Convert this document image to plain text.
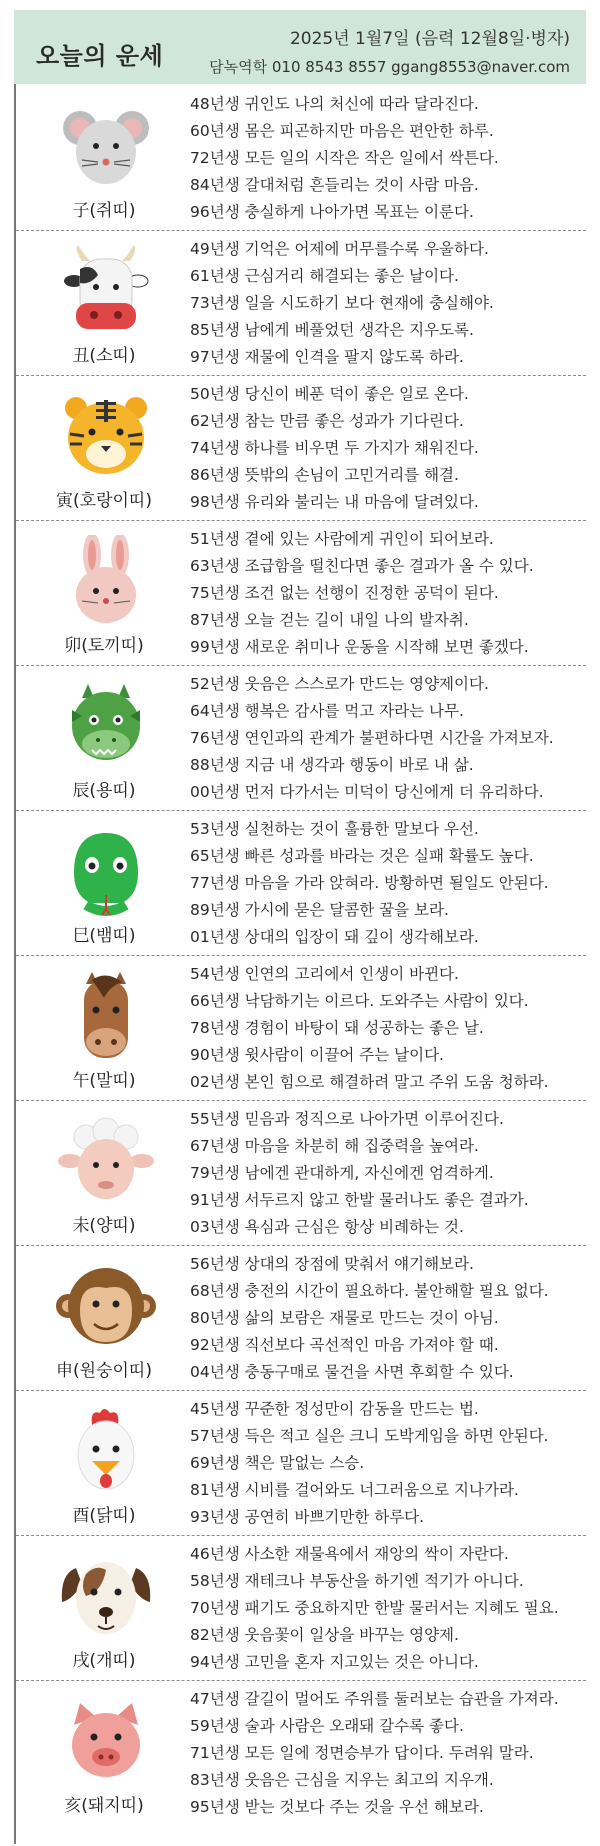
오늘의 운세
2025년 1월7일 (음력 12월8일·병자)
담녹역학 010 8543 8557 ggang8553@naver.com
子(쥐띠)
48년생 귀인도 나의 처신에 따라 달라진다.
60년생 몸은 피곤하지만 마음은 편안한 하루.
72년생 모든 일의 시작은 작은 일에서 싹튼다.
84년생 갈대처럼 흔들리는 것이 사람 마음.
96년생 충실하게 나아가면 목표는 이룬다.
丑(소띠)
49년생 기억은 어제에 머무를수록 우울하다.
61년생 근심거리 해결되는 좋은 날이다.
73년생 일을 시도하기 보다 현재에 충실해야.
85년생 남에게 베풀었던 생각은 지우도록.
97년생 재물에 인격을 팔지 않도록 하라.
寅(호랑이띠)
50년생 당신이 베푼 덕이 좋은 일로 온다.
62년생 참는 만큼 좋은 성과가 기다린다.
74년생 하나를 비우면 두 가지가 채워진다.
86년생 뜻밖의 손님이 고민거리를 해결.
98년생 유리와 불리는 내 마음에 달려있다.
卯(토끼띠)
51년생 곁에 있는 사람에게 귀인이 되어보라.
63년생 조급함을 떨친다면 좋은 결과가 올 수 있다.
75년생 조건 없는 선행이 진정한 공덕이 된다.
87년생 오늘 걷는 길이 내일 나의 발자취.
99년생 새로운 취미나 운동을 시작해 보면 좋겠다.
辰(용띠)
52년생 웃음은 스스로가 만드는 영양제이다.
64년생 행복은 감사를 먹고 자라는 나무.
76년생 연인과의 관계가 불편하다면 시간을 가져보자.
88년생 지금 내 생각과 행동이 바로 내 삶.
00년생 먼저 다가서는 미덕이 당신에게 더 유리하다.
巳(뱀띠)
53년생 실천하는 것이 훌륭한 말보다 우선.
65년생 빠른 성과를 바라는 것은 실패 확률도 높다.
77년생 마음을 가라 앉혀라. 방황하면 될일도 안된다.
89년생 가시에 묻은 달콤한 꿀을 보라.
01년생 상대의 입장이 돼 깊이 생각해보라.
午(말띠)
54년생 인연의 고리에서 인생이 바뀐다.
66년생 낙담하기는 이르다. 도와주는 사람이 있다.
78년생 경험이 바탕이 돼 성공하는 좋은 날.
90년생 윗사람이 이끌어 주는 날이다.
02년생 본인 힘으로 해결하려 말고 주위 도움 청하라.
未(양띠)
55년생 믿음과 정직으로 나아가면 이루어진다.
67년생 마음을 차분히 해 집중력을 높여라.
79년생 남에겐 관대하게, 자신에겐 엄격하게.
91년생 서두르지 않고 한발 물러나도 좋은 결과가.
03년생 욕심과 근심은 항상 비례하는 것.
申(원숭이띠)
56년생 상대의 장점에 맞춰서 얘기해보라.
68년생 충전의 시간이 필요하다. 불안해할 필요 없다.
80년생 삶의 보람은 재물로 만드는 것이 아님.
92년생 직선보다 곡선적인 마음 가져야 할 때.
04년생 충동구매로 물건을 사면 후회할 수 있다.
酉(닭띠)
45년생 꾸준한 정성만이 감동을 만드는 법.
57년생 득은 적고 실은 크니 도박게임을 하면 안된다.
69년생 책은 말없는 스승.
81년생 시비를 걸어와도 너그러움으로 지나가라.
93년생 공연히 바쁘기만한 하루다.
戌(개띠)
46년생 사소한 재물욕에서 재앙의 싹이 자란다.
58년생 재테크나 부동산을 하기엔 적기가 아니다.
70년생 패기도 중요하지만 한발 물러서는 지혜도 필요.
82년생 웃음꽃이 일상을 바꾸는 영양제.
94년생 고민을 혼자 지고있는 것은 아니다.
亥(돼지띠)
47년생 갈길이 멀어도 주위를 둘러보는 습관을 가져라.
59년생 술과 사람은 오래돼 갈수록 좋다.
71년생 모든 일에 정면승부가 답이다. 두려워 말라.
83년생 웃음은 근심을 지우는 최고의 지우개.
95년생 받는 것보다 주는 것을 우선 해보라.
